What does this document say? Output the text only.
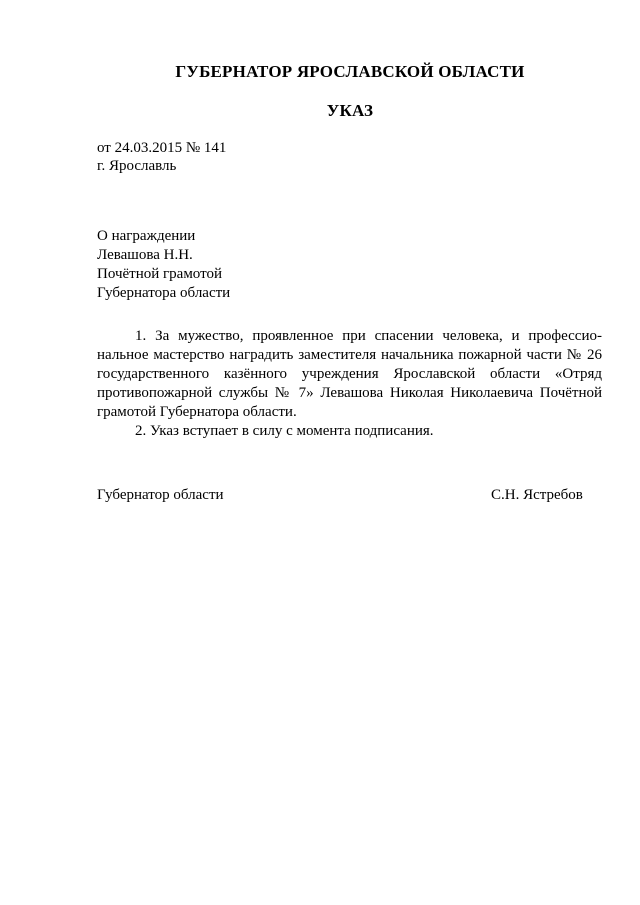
ГУБЕРНАТОР ЯРОСЛАВСКОЙ ОБЛАСТИ
УКАЗ
от 24.03.2015 № 141
г. Ярославль
О награждении
Левашова Н.Н.
Почётной грамотой
Губернатора области

1. За мужество, проявленное при спасении человека, и профессиональное мастерство наградить заместителя начальника пожарной части № 26 государственного казённого учреждения Ярославской области «Отряд противопожарной службы № 7» Левашова Николая Николаевича Почётной грамотой Губернатора области.

2. Указ вступает в силу с момента подписания.

Губернатор области	С.Н. Ястребов
